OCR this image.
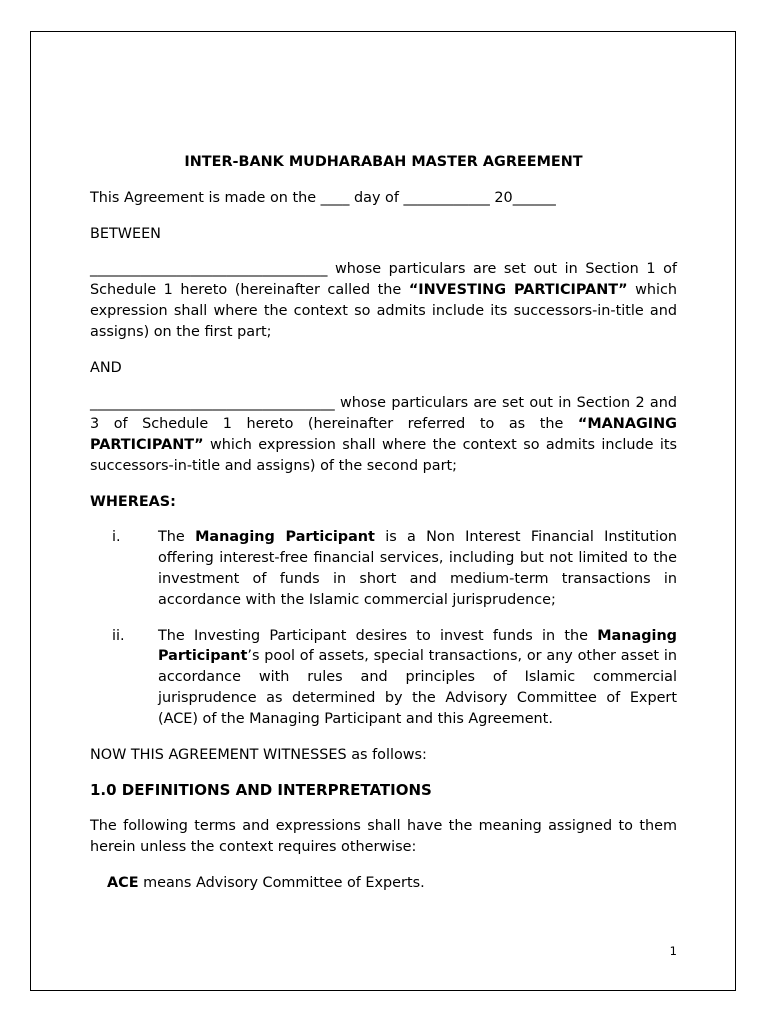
INTER-BANK MUDHARABAH MASTER AGREEMENT

This Agreement is made on the ____ day of ____________ 20______

BETWEEN

_________________________________ whose particulars are set out in Section 1 of Schedule 1 hereto (hereinafter called the “INVESTING PARTICIPANT” which expression shall where the context so admits include its successors-in-title and assigns) on the first part;

AND

__________________________________ whose particulars are set out in Section 2 and 3 of Schedule 1 hereto (hereinafter referred to as the “MANAGING PARTICIPANT” which expression shall where the context so admits include its successors-in-title and assigns) of the second part;

WHEREAS:

i.	The Managing Participant is a Non Interest Financial Institution offering interest-free financial services, including but not limited to the investment of funds in short and medium-term transactions in accordance with the Islamic commercial jurisprudence;
ii. The Investing Participant desires to invest funds in the Managing Participant’s pool of assets, special transactions, or any other asset in accordance with rules and principles of Islamic commercial jurisprudence as determined by the Advisory Committee of Expert (ACE) of the Managing Participant and this Agreement.

NOW THIS AGREEMENT WITNESSES as follows:

1.0 DEFINITIONS AND INTERPRETATIONS

The following terms and expressions shall have the meaning assigned to them herein unless the context requires otherwise:

ACE means Advisory Committee of Experts.

1
